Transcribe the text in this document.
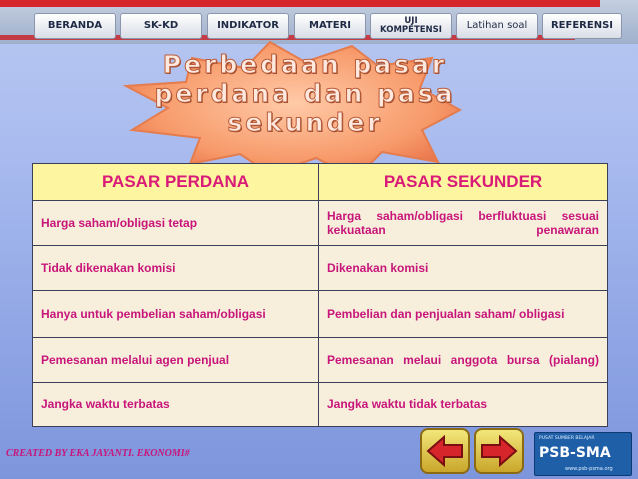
BERANDA	SK-KD	INDIKATOR	MATERI	UJI
KOMPETENSI	Latihan soal	REFERENSI
Perbedaan pasar perdana dan pasa sekunder
PASAR PERDANA	PASAR SEKUNDER
Harga saham/obligasi tetap	Harga saham/obligasi berfluktuasi sesuai kekuataan penawaran
Tidak dikenakan komisi	Dikenakan komisi
Hanya untuk pembelian saham/obligasi	Pembelian dan penjualan saham/ obligasi
Pemesanan melalui agen penjual	Pemesanan melaui anggota bursa (pialang)
Jangka waktu terbatas	Jangka waktu tidak terbatas
CREATED BY EKA JAYANTI. EKONOMI#
PUSAT SUMBER BELAJAR
PSB-SMA
www.psb-psma.org
